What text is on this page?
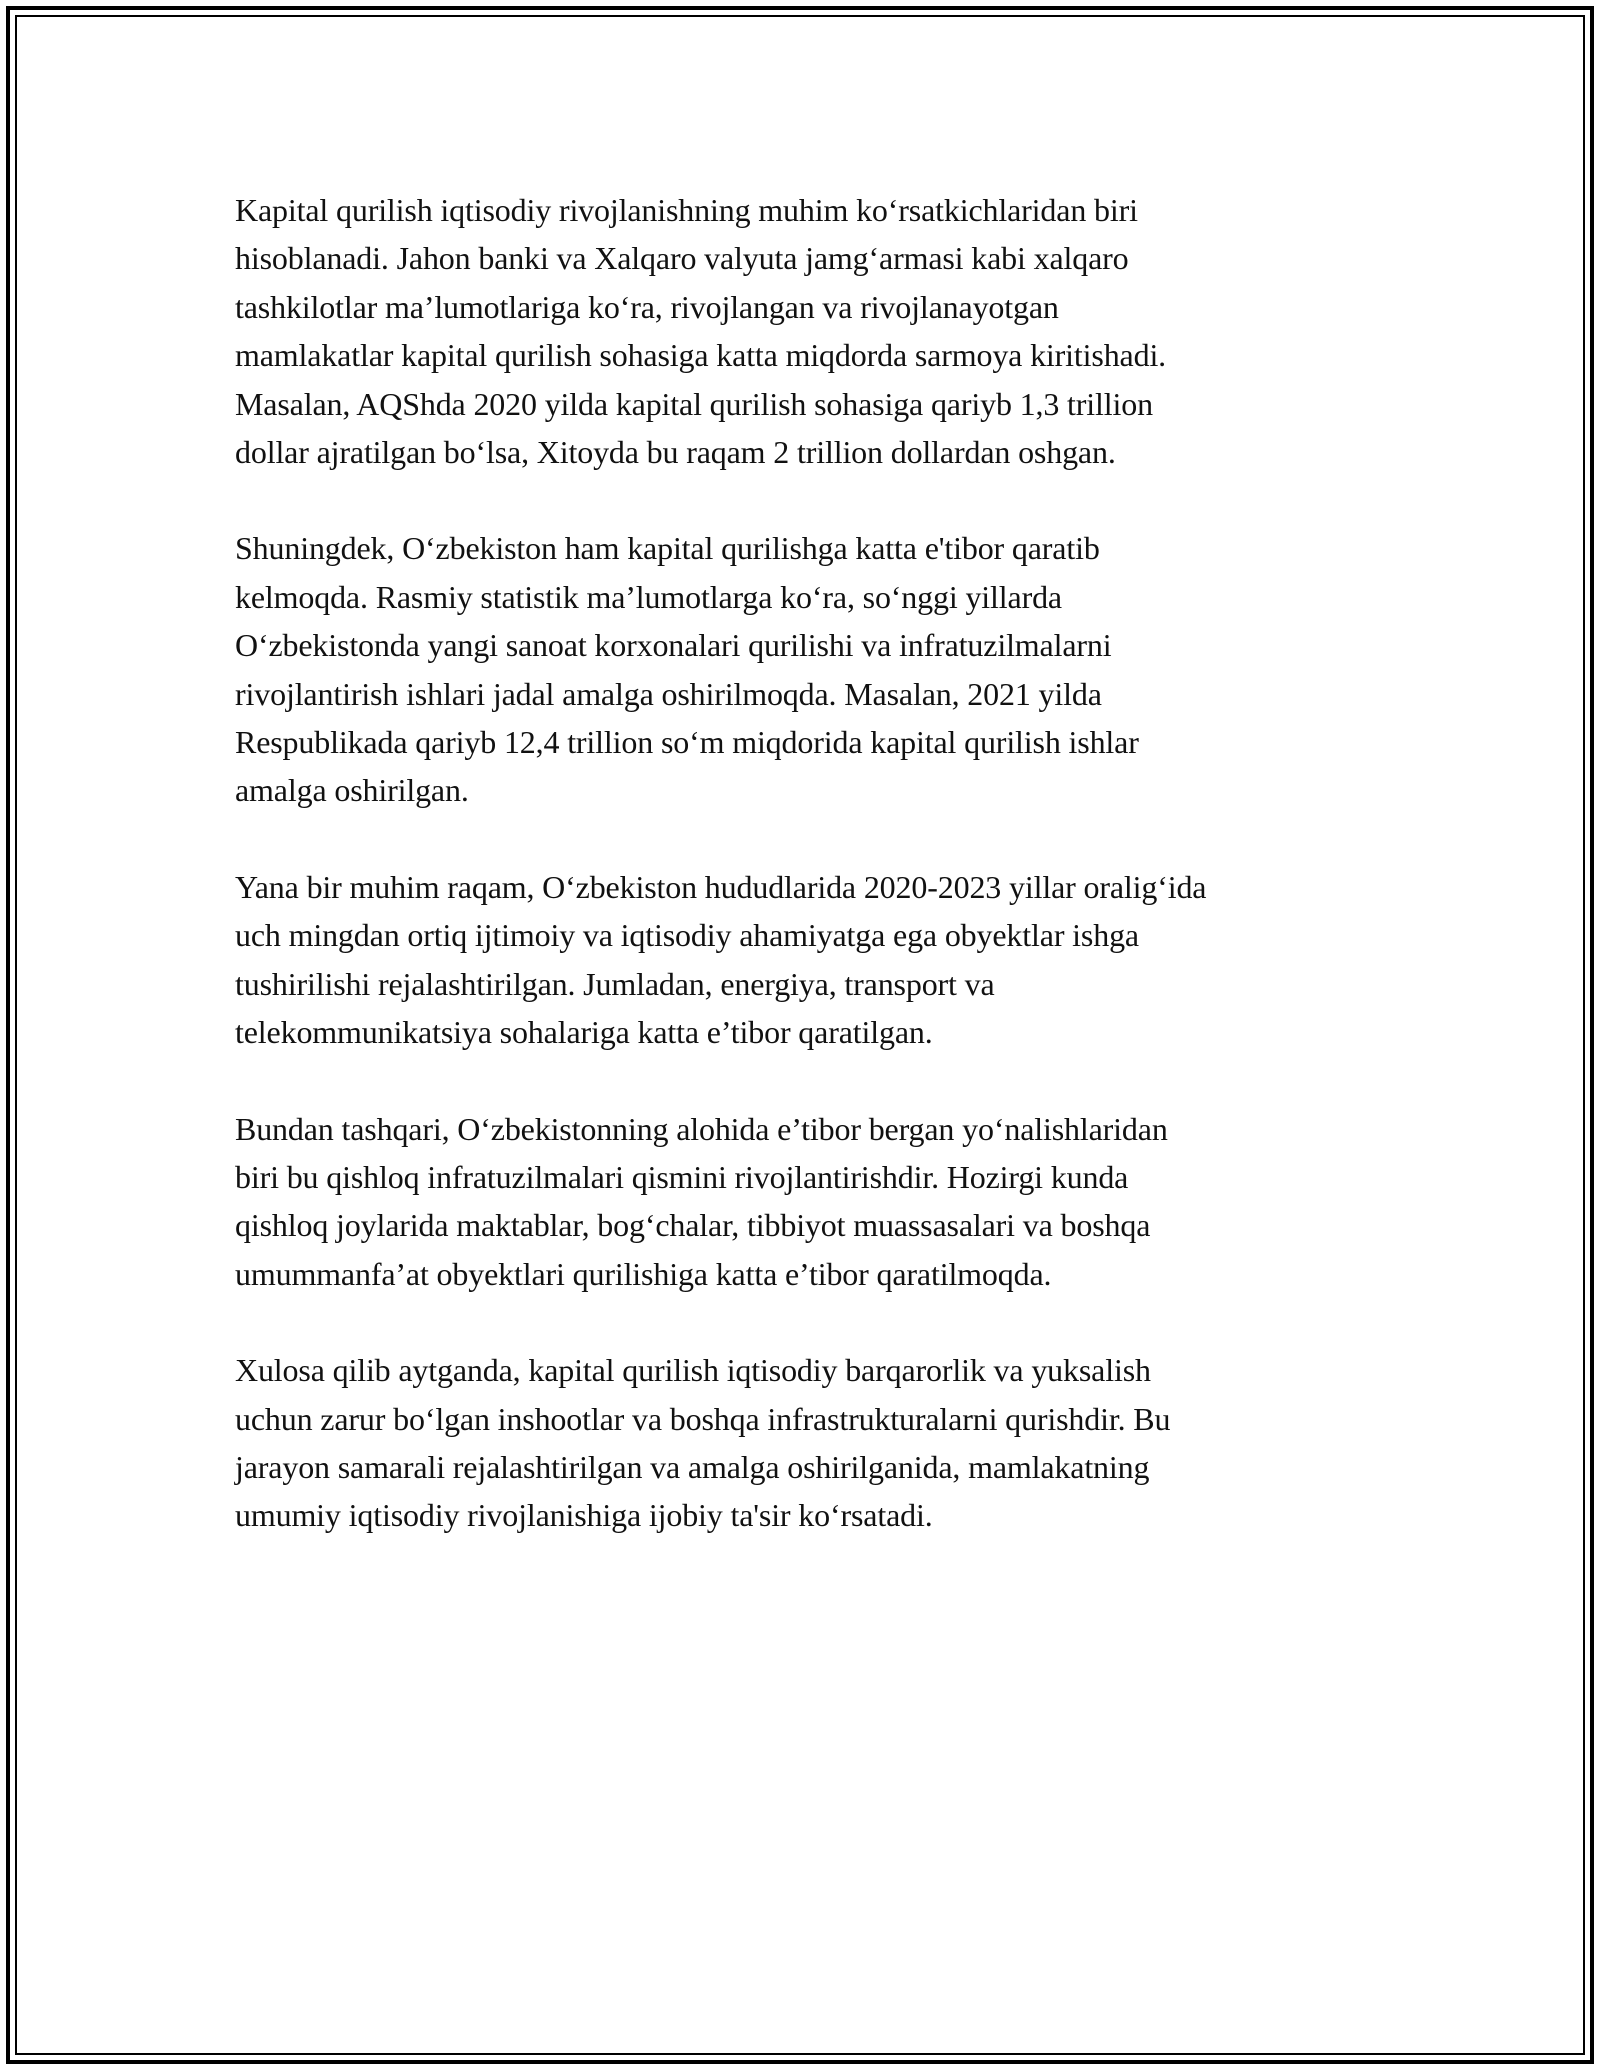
Kapital qurilish iqtisodiy rivojlanishning muhim koʻrsatkichlaridan biri
hisoblanadi. Jahon banki va Xalqaro valyuta jamgʻarmasi kabi xalqaro
tashkilotlar ma’lumotlariga koʻra, rivojlangan va rivojlanayotgan
mamlakatlar kapital qurilish sohasiga katta miqdorda sarmoya kiritishadi.
Masalan, AQShda 2020 yilda kapital qurilish sohasiga qariyb 1,3 trillion
dollar ajratilgan boʻlsa, Xitoyda bu raqam 2 trillion dollardan oshgan.

Shuningdek, Oʻzbekiston ham kapital qurilishga katta e'tibor qaratib
kelmoqda. Rasmiy statistik ma’lumotlarga koʻra, soʻnggi yillarda
Oʻzbekistonda yangi sanoat korxonalari qurilishi va infratuzilmalarni
rivojlantirish ishlari jadal amalga oshirilmoqda. Masalan, 2021 yilda
Respublikada qariyb 12,4 trillion soʻm miqdorida kapital qurilish ishlar
amalga oshirilgan.

Yana bir muhim raqam, Oʻzbekiston hududlarida 2020-2023 yillar oraligʻida
uch mingdan ortiq ijtimoiy va iqtisodiy ahamiyatga ega obyektlar ishga
tushirilishi rejalashtirilgan. Jumladan, energiya, transport va
telekommunikatsiya sohalariga katta e’tibor qaratilgan.

Bundan tashqari, Oʻzbekistonning alohida e’tibor bergan yoʻnalishlaridan
biri bu qishloq infratuzilmalari qismini rivojlantirishdir. Hozirgi kunda
qishloq joylarida maktablar, bogʻchalar, tibbiyot muassasalari va boshqa
umummanfa’at obyektlari qurilishiga katta e’tibor qaratilmoqda.

Xulosa qilib aytganda, kapital qurilish iqtisodiy barqarorlik va yuksalish
uchun zarur boʻlgan inshootlar va boshqa infrastrukturalarni qurishdir. Bu
jarayon samarali rejalashtirilgan va amalga oshirilganida, mamlakatning
umumiy iqtisodiy rivojlanishiga ijobiy ta'sir koʻrsatadi.
